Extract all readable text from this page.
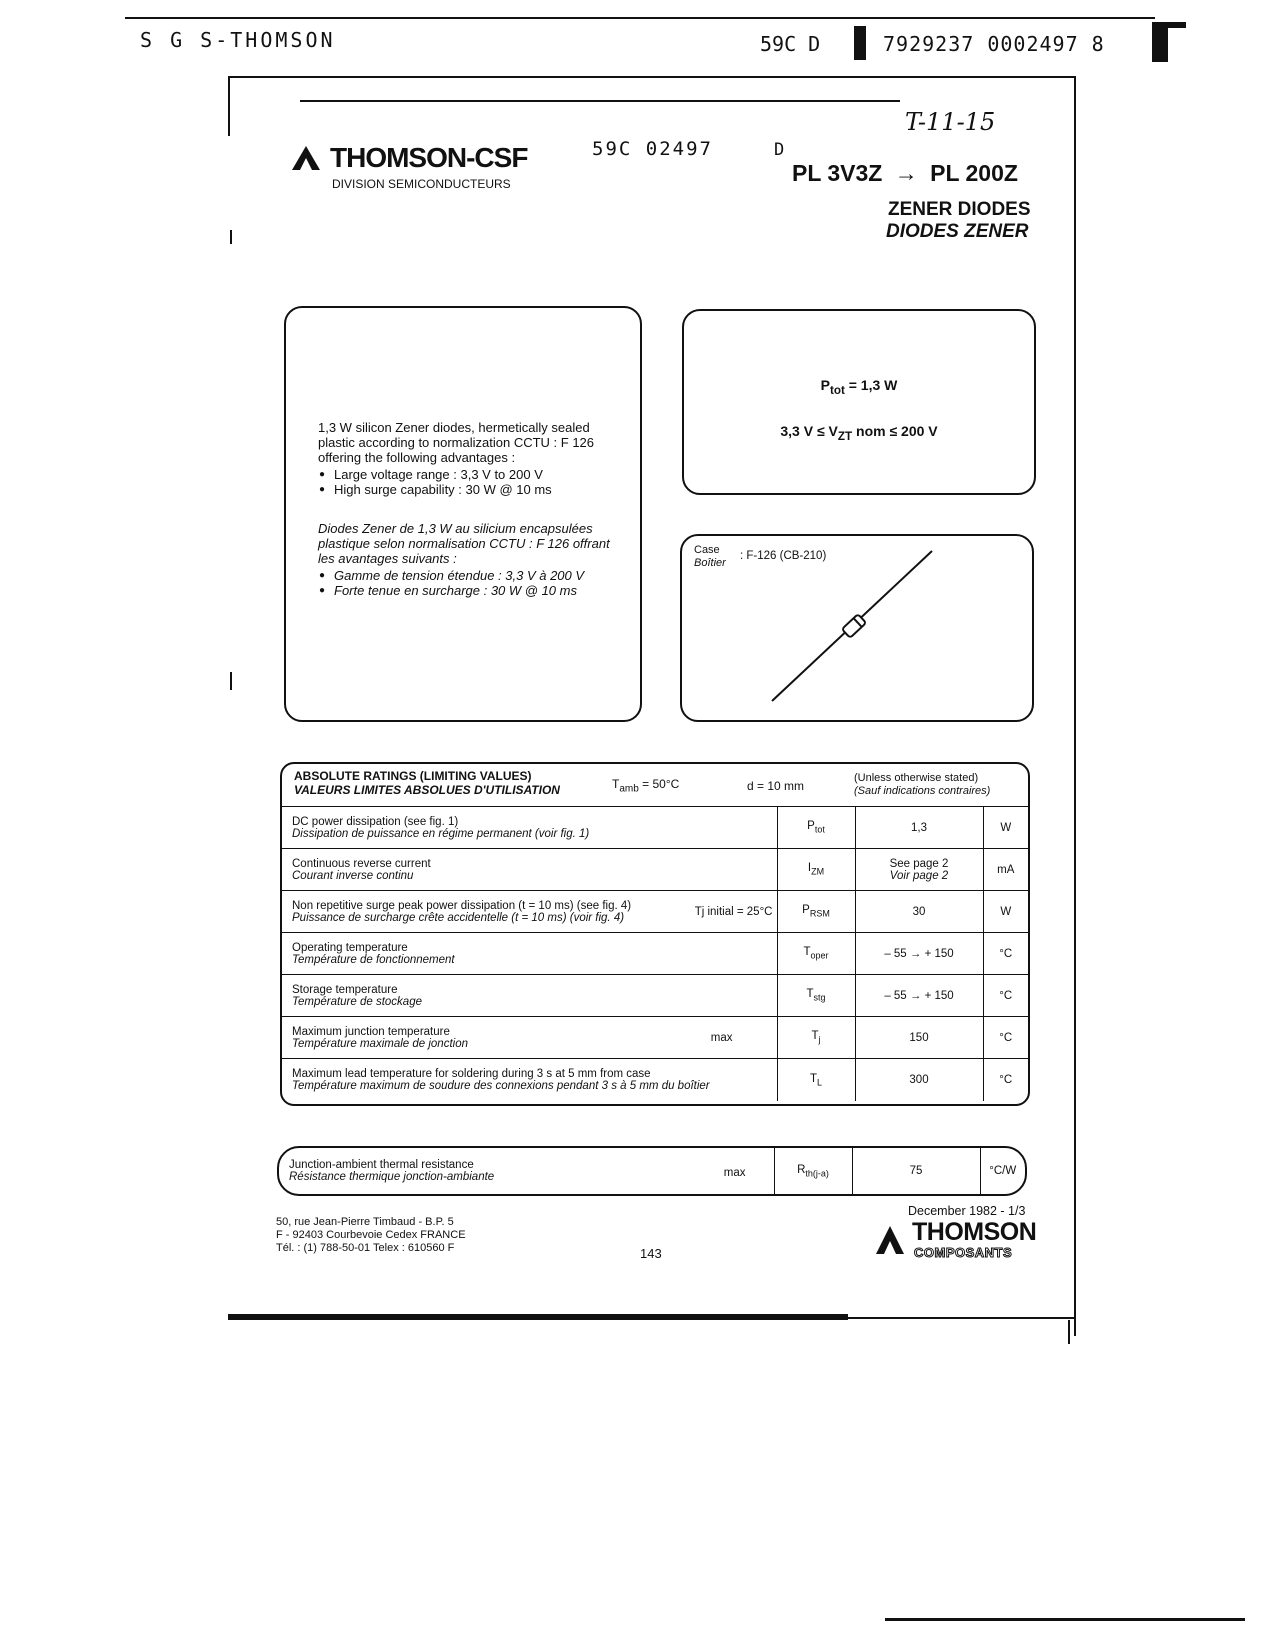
S G S-THOMSON	59C D	7929237 0002497 8
T-11-15
THOMSON-CSF
DIVISION SEMICONDUCTEURS
59C 02497	D
PL 3V3Z → PL 200Z
ZENER DIODES
DIODES ZENER
1,3 W silicon Zener diodes, hermetically sealed plastic according to normalization CCTU : F 126 offering the following advantages :
● Large voltage range : 3,3 V to 200 V
● High surge capability : 30 W @ 10 ms
Diodes Zener de 1,3 W au silicium encapsulées plastique selon normalisation CCTU : F 126 offrant les avantages suivants :
● Gamme de tension étendue : 3,3 V à 200 V
● Forte tenue en surcharge : 30 W @ 10 ms
$P_{tot} = 1,3$ W
3,3 $V \le V_{ZT}$ nom ≤ 200 V
Case
Boîtier
: F-126 (CB-210)
ABSOLUTE RATINGS (LIMITING VALUES)
VALEURS LIMITES ABSOLUES D'UTILISATION	$T_{amb} = 50^\circ C$	d = 10 mm
(Unless otherwise stated)
(Sauf indications contraires)
DC power dissipation (see fig. 1)
Dissipation de puissance en régime permanent (voir fig. 1)	$P_{tot}$	1,3	W

Continuous reverse current
Courant inverse continu	$I_{ZM}$	See page 2
Voir page 2	mA

Tj initial = 25°C
Non repetitive surge peak power dissipation (t = 10 ms) (see fig. 4)
Puissance de surcharge crête accidentelle (t = 10 ms) (voir fig. 4)	$P_{RSM}$	30	W

Operating temperature
Température de fonctionnement	$T_{oper}$	– 55 → + 150	°C

Storage temperature
Température de stockage	$T_{stg}$	– 55 → + 150	°C

max
Maximum junction temperature
Température maximale de jonction	$T_j$	150	°C

Maximum lead temperature for soldering during 3 s at 5 mm from case
Température maximum de soudure des connexions pendant 3 s à 5 mm du boîtier	$T_L$	300	°C
max
Junction-ambient thermal resistance
Résistance thermique jonction-ambiante
	$R_{th(j-a)}$	75	°C/W
December 1982 - 1/3
50, rue Jean-Pierre Timbaud - B.P. 5
F - 92403 Courbevoie Cedex FRANCE
Tél. : (1) 788-50-01 Telex : 610560 F	143
THOMSON
COMPOSANTS
